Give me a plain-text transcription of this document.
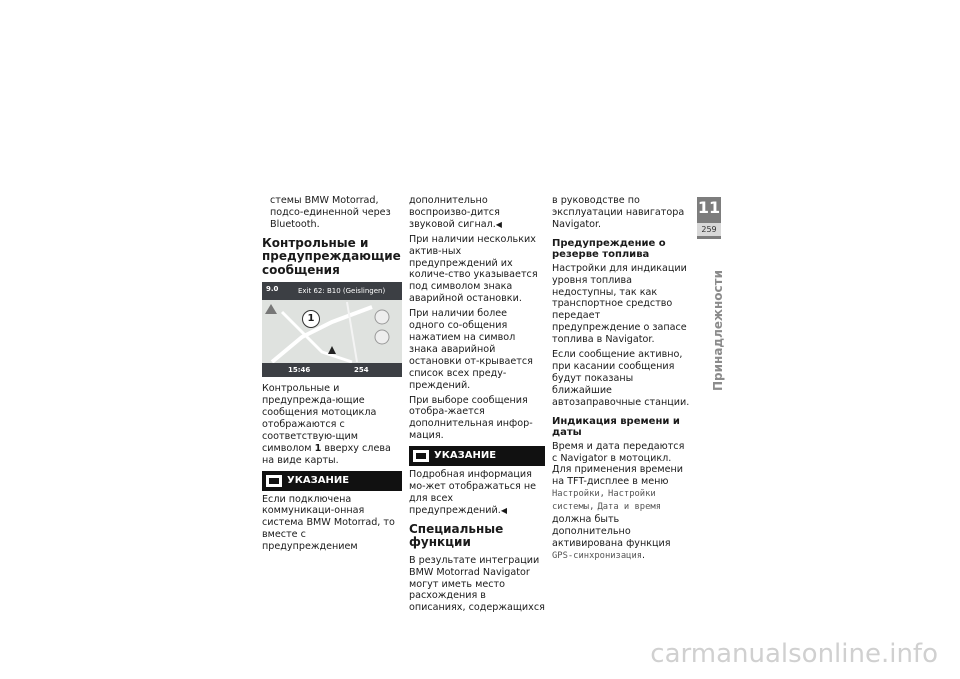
стемы BMW Motorrad, подсо-единенной через Bluetooth.

Контрольные и предупреждающие сообщения
9.0	Exit 62: B10 (Geislingen)
1
15:46	254

Контрольные и предупрежда-ющие сообщения мотоцикла отображаются с соответствую-щим символом 1 вверху слева на виде карты.

УКАЗАНИЕ

Если подключена коммуникаци-онная система BMW Motorrad, то вместе с предупреждением

дополнительно воспроизво-дится звуковой сигнал.◀

При наличии нескольких актив-ных предупреждений их количе-ство указывается под символом знака аварийной остановки.

При наличии более одного со-общения нажатием на символ знака аварийной остановки от-крывается список всех преду-преждений.

При выборе сообщения отобра-жается дополнительная инфор-мация.

УКАЗАНИЕ

Подробная информация мо-жет отображаться не для всех предупреждений.◀

Специальные функции

В результате интеграции BMW Motorrad Navigator могут иметь место расхождения в описаниях, содержащихся

в руководстве по эксплуатации навигатора Navigator.

Предупреждение о резерве топлива

Настройки для индикации уровня топлива недоступны, так как транспортное средство передает предупреждение о запасе топлива в Navigator.

Если сообщение активно, при касании сообщения будут показаны ближайшие автозаправочные станции.

Индикация времени и даты

Время и дата передаются с Navigator в мотоцикл. Для применения времени на TFT-дисплее в меню Настройки, Настройки системы, Дата и время должна быть дополнительно активирована функция GPS-синхронизация.

11
259
Принадлежности
carmanualsonline.info
